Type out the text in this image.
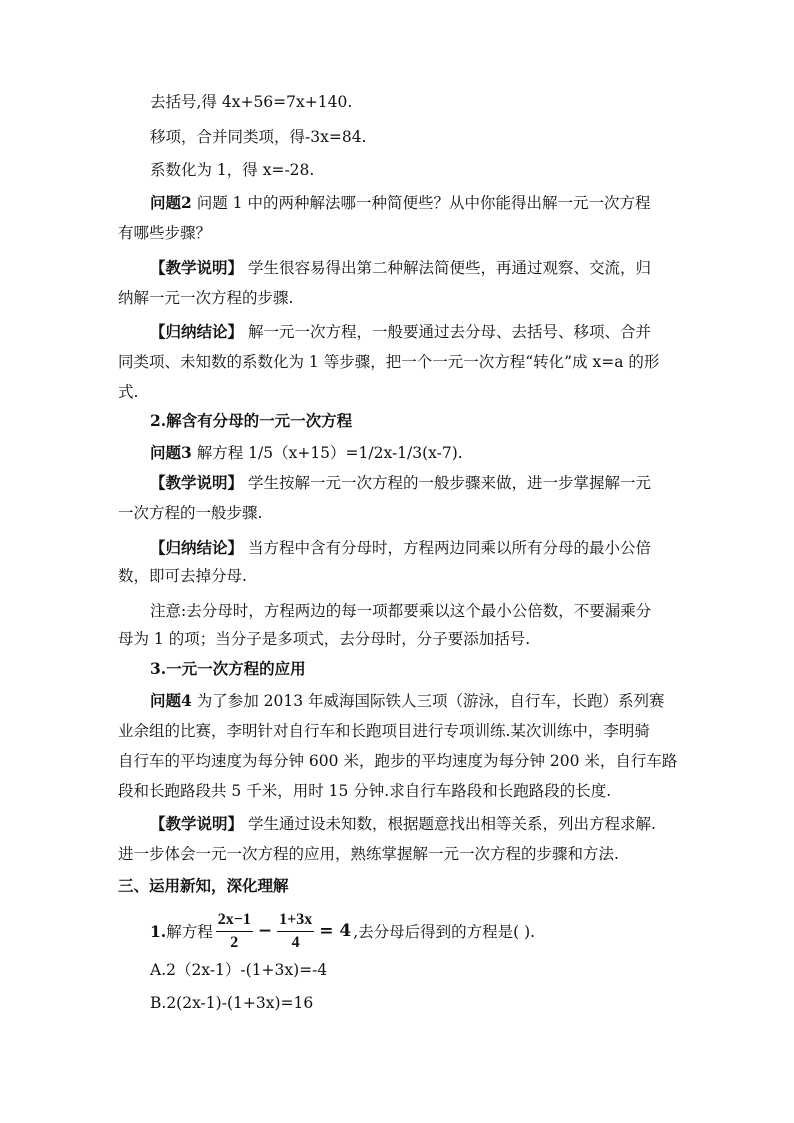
去括号,得 4x+56=7x+140.
移项，合并同类项，得-3x=84.
系数化为 1，得 x=-28.
问题2 问题 1 中的两种解法哪一种简便些？从中你能得出解一元一次方程
有哪些步骤？
【教学说明】 学生很容易得出第二种解法简便些，再通过观察、交流，归
纳解一元一次方程的步骤.
【归纳结论】 解一元一次方程，一般要通过去分母、去括号、移项、合并
同类项、未知数的系数化为 1 等步骤，把一个一元一次方程“转化”成 x=a 的形
式.
2.解含有分母的一元一次方程
问题3 解方程 1/5（x+15）=1/2x-1/3(x-7).
【教学说明】 学生按解一元一次方程的一般步骤来做，进一步掌握解一元
一次方程的一般步骤.
【归纳结论】 当方程中含有分母时，方程两边同乘以所有分母的最小公倍
数，即可去掉分母.
注意:去分母时，方程两边的每一项都要乘以这个最小公倍数，不要漏乘分
母为 1 的项；当分子是多项式，去分母时，分子要添加括号.
3.一元一次方程的应用
问题4 为了参加 2013 年威海国际铁人三项（游泳，自行车，长跑）系列赛
业余组的比赛，李明针对自行车和长跑项目进行专项训练.某次训练中，李明骑
自行车的平均速度为每分钟 600 米，跑步的平均速度为每分钟 200 米，自行车路
段和长跑路段共 5 千米，用时 15 分钟.求自行车路段和长跑路段的长度.
【教学说明】 学生通过设未知数，根据题意找出相等关系，列出方程求解.
进一步体会一元一次方程的应用，熟练掌握解一元一次方程的步骤和方法.
三、运用新知，深化理解
1. 解方程 $\frac{2x-1}{2} - \frac{1+3x}{4} = 4$ ,去分母后得到的方程是( ).
A.2（2x-1）-(1+3x)=-4
B.2(2x-1)-(1+3x)=16
